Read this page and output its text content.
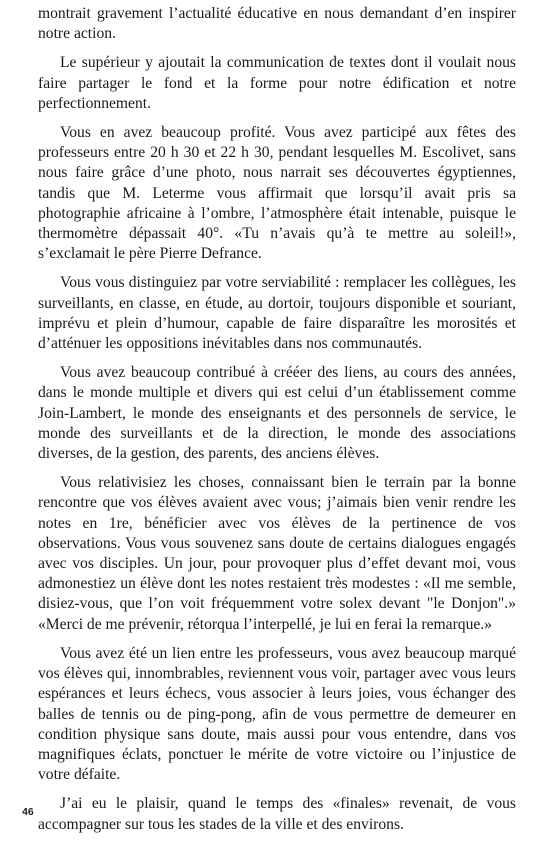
montrait gravement l’actualité éducative en nous demandant d’en inspirer notre action.

Le supérieur y ajoutait la communication de textes dont il voulait nous faire partager le fond et la forme pour notre édification et notre perfectionnement.

Vous en avez beaucoup profité. Vous avez participé aux fêtes des professeurs entre 20 h 30 et 22 h 30, pendant lesquelles M. Escolivet, sans nous faire grâce d’une photo, nous narrait ses découvertes égyptiennes, tandis que M. Leterme vous affirmait que lorsqu’il avait pris sa photographie africaine à l’ombre, l’atmosphère était intenable, puisque le thermomètre dépassait 40°. «Tu n’avais qu’à te mettre au soleil!», s’exclamait le père Pierre Defrance.

Vous vous distinguiez par votre serviabilité : remplacer les collègues, les surveillants, en classe, en étude, au dortoir, toujours disponible et souriant, imprévu et plein d’humour, capable de faire disparaître les morosités et d’atténuer les oppositions inévitables dans nos communautés.

Vous avez beaucoup contribué à crééer des liens, au cours des années, dans le monde multiple et divers qui est celui d’un établissement comme Join-Lambert, le monde des enseignants et des personnels de service, le monde des surveillants et de la direction, le monde des associations diverses, de la gestion, des parents, des anciens élèves.

Vous relativisiez les choses, connaissant bien le terrain par la bonne rencontre que vos élèves avaient avec vous; j’aimais bien venir rendre les notes en 1re, bénéficier avec vos élèves de la pertinence de vos observations. Vous vous souvenez sans doute de certains dialogues engagés avec vos disciples. Un jour, pour provoquer plus d’effet devant moi, vous admonestiez un élève dont les notes restaient très modestes : «Il me semble, disiez-vous, que l’on voit fréquemment votre solex devant "le Donjon".» «Merci de me prévenir, rétorqua l’interpellé, je lui en ferai la remarque.»

Vous avez été un lien entre les professeurs, vous avez beaucoup marqué vos élèves qui, innombrables, reviennent vous voir, partager avec vous leurs espérances et leurs échecs, vous associer à leurs joies, vous échanger des balles de tennis ou de ping-pong, afin de vous permettre de demeurer en condition physique sans doute, mais aussi pour vous entendre, dans vos magnifiques éclats, ponctuer le mérite de votre victoire ou l’injustice de votre défaite.

J’ai eu le plaisir, quand le temps des «finales» revenait, de vous accompagner sur tous les stades de la ville et des environs.

46
